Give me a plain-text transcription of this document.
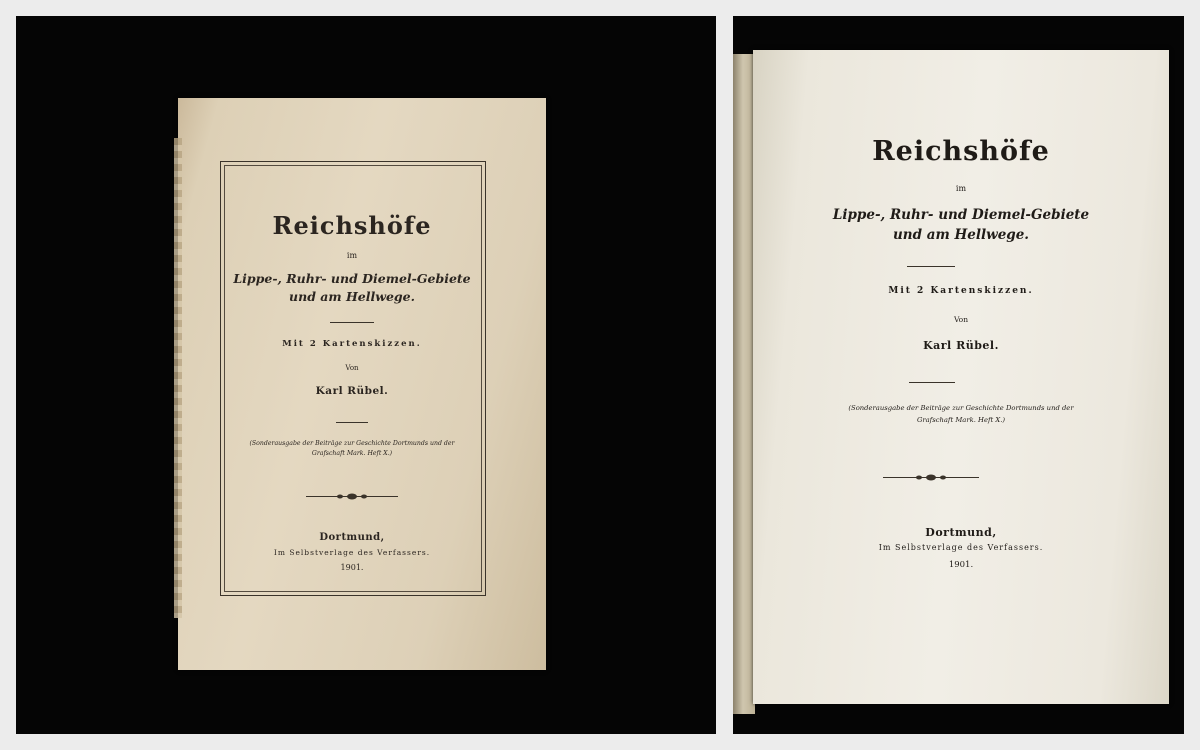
Reichshöfe
im
Lippe-, Ruhr- und Diemel-Gebiete
und am Hellwege.
Mit 2 Kartenskizzen.
Von
Karl Rübel.
(Sonderausgabe der Beiträge zur Geschichte Dortmunds und der
Grafschaft Mark. Heft X.)
Dortmund,
Im Selbstverlage des Verfassers.
1901.
Reichshöfe
im
Lippe-, Ruhr- und Diemel-Gebiete
und am Hellwege.
Mit 2 Kartenskizzen.
Von
Karl Rübel.
(Sonderausgabe der Beiträge zur Geschichte Dortmunds und der
Grafschaft Mark. Heft X.)
Dortmund,
Im Selbstverlage des Verfassers.
1901.
